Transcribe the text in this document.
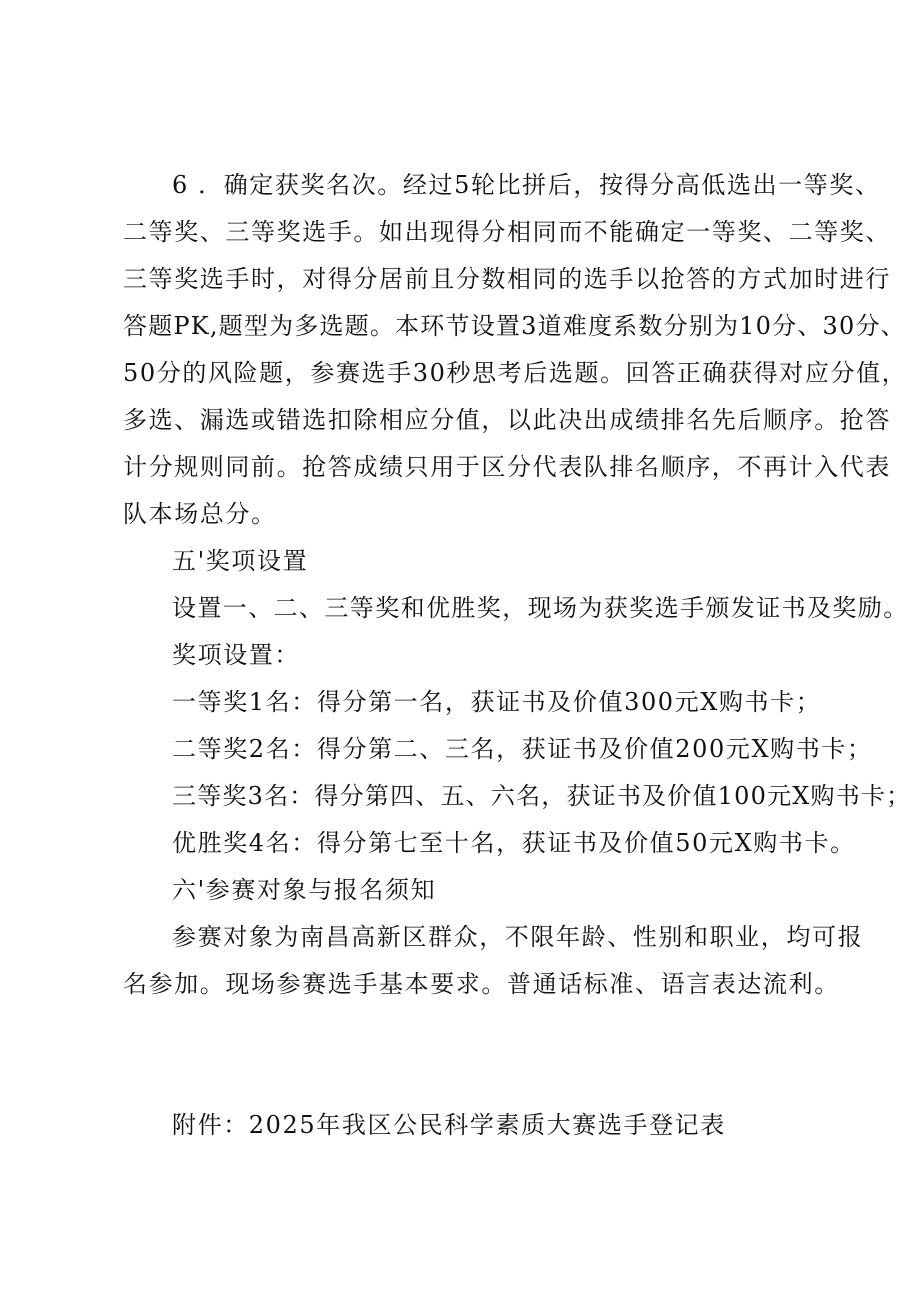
6 ．确定获奖名次。经过5轮比拼后，按得分高低选出一等奖、
二等奖、三等奖选手。如出现得分相同而不能确定一等奖、二等奖、
三等奖选手时，对得分居前且分数相同的选手以抢答的方式加时进行
答题PK,题型为多选题。本环节设置3道难度系数分别为10分、30分、
50分的风险题，参赛选手30秒思考后选题。回答正确获得对应分值，
多选、漏选或错选扣除相应分值，以此决出成绩排名先后顺序。抢答
计分规则同前。抢答成绩只用于区分代表队排名顺序，不再计入代表
队本场总分。
五'奖项设置
设置一、二、三等奖和优胜奖，现场为获奖选手颁发证书及奖励。
奖项设置：
一等奖1名：得分第一名，获证书及价值300元X购书卡；
二等奖2名：得分第二、三名，获证书及价值200元X购书卡；
三等奖3名：得分第四、五、六名，获证书及价值100元X购书卡；
优胜奖4名：得分第七至十名，获证书及价值50元X购书卡。
六'参赛对象与报名须知
参赛对象为南昌高新区群众，不限年龄、性别和职业，均可报
名参加。现场参赛选手基本要求。普通话标准、语言表达流利。
附件：2025年我区公民科学素质大赛选手登记表
